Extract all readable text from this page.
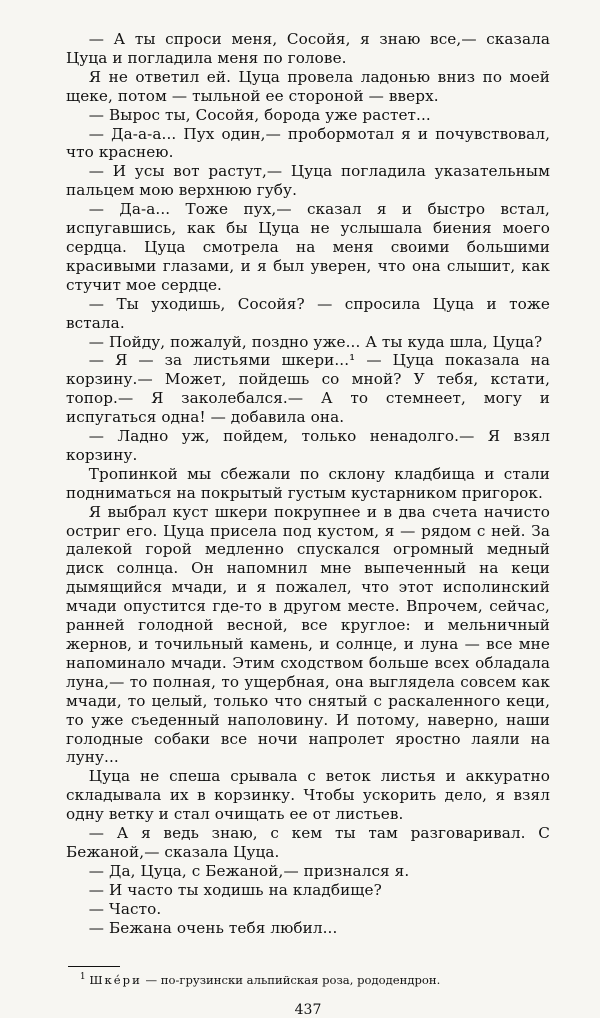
— А ты спроси меня, Сосойя, я знаю все,— сказала Цуца и погладила меня по голове.

Я не ответил ей. Цуца провела ладонью вниз по моей щеке, потом — тыльной ее стороной — вверх.

— Вырос ты, Сосойя, борода уже растет...

— Да-а-а... Пух один,— пробормотал я и почувствовал, что краснею.

— И усы вот растут,— Цуца погладила указательным пальцем мою верхнюю губу.

— Да-а... Тоже пух,— сказал я и быстро встал, испугавшись, как бы Цуца не услышала биения моего сердца. Цуца смотрела на меня своими большими красивыми глазами, и я был уверен, что она слышит, как стучит мое сердце.

— Ты уходишь, Сосойя? — спросила Цуца и тоже встала.

— Пойду, пожалуй, поздно уже... А ты куда шла, Цуца?

— Я — за листьями шкери...¹ — Цуца показала на корзину.— Может, пойдешь со мной? У тебя, кстати, топор.— Я заколебался.— А то стемнеет, могу и испугаться одна! — добавила она.

— Ладно уж, пойдем, только ненадолго.— Я взял корзину.

Тропинкой мы сбежали по склону кладбища и стали подниматься на покрытый густым кустарником пригорок.

Я выбрал куст шкери покрупнее и в два счета начисто остриг его. Цуца присела под кустом, я — рядом с ней. За далекой горой медленно спускался огромный медный диск солнца. Он напомнил мне выпеченный на кеци дымящийся мчади, и я пожалел, что этот исполинский мчади опустится где-то в другом месте. Впрочем, сейчас, ранней голодной весной, все круглое: и мельничный жернов, и точильный камень, и солнце, и луна — все мне напоминало мчади. Этим сходством больше всех обладала луна,— то полная, то ущербная, она выглядела совсем как мчади, то целый, только что снятый с раскаленного кеци, то уже съеденный наполовину. И потому, наверно, наши голодные собаки все ночи напролет яростно лаяли на луну...

Цуца не спеша срывала с веток листья и аккуратно складывала их в корзинку. Чтобы ускорить дело, я взял одну ветку и стал очищать ее от листьев.

— А я ведь знаю, с кем ты там разговаривал. С Бежаной,— сказала Цуца.

— Да, Цуца, с Бежаной,— признался я.

— И часто ты ходишь на кладбище?

— Часто.

— Бежана очень тебя любил...

$^1$ Шкéри — по-грузински альпийская роза, рододендрон.

437
